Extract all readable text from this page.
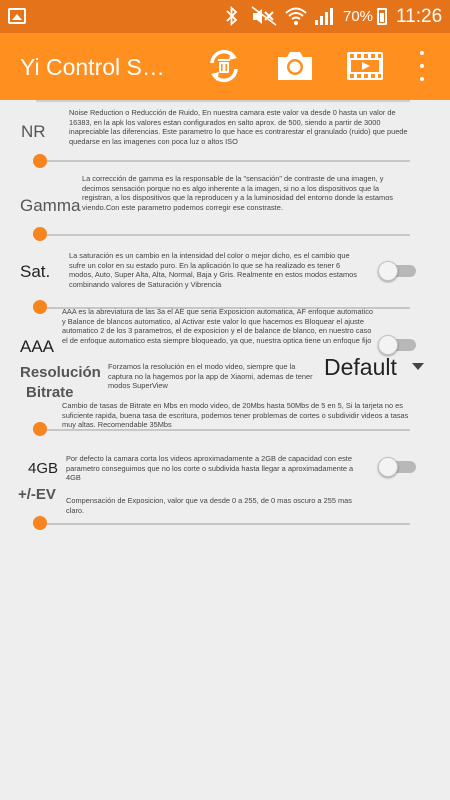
70% 11:26
Yi Control S…
NR
Noise Reduction o Reducción de Ruido, En nuestra camara este valor va desde 0 hasta un valor de 16383, en la apk los valores estan configurados en salto aprox. de 500, siendo a partir de 3000 inapreciable las diferencias. Este parametro lo que hace es contrarestar el granulado (ruido) que puede quedarse en las imagenes con poca luz o altos ISO
Gamma
La corrección de gamma es la responsable de la "sensación" de contraste de una imagen, y decimos sensación porque no es algo inherente a la imagen, si no a los dispositivos que la registran, a los dispositivos que la reproducen y a la luminosidad del entorno donde la estamos viendo.Con este parametro podemos corregir ese constraste.
Sat.
La saturación es un cambio en la intensidad del color o mejor dicho, es el cambio que sufre un color en su estado puro. En la aplicación lo que se ha realizado es tener 6 modos, Auto, Super Alta, Alta, Normal, Baja y Gris. Realmente en estos modos estamos combinando valores de Saturación y Vibrencia
AAA
AAA es la abreviatura de las 3a el AE que seria Exposicion automatica, AF enfoque automatico y Balance de blancos automatico, al Activar este valor lo que hacemos es Bloquear el ajuste automatico 2 de los 3 parametros, el de exposicion y el de balance de blanco, en nuestro caso el de enfoque automatico esta siempre bloqueado, ya que, nuestra optica tiene un enfoque fijo
Resolución Forzamos la resolución en el modo video, siempre que la captura no la hagemos por la app de Xiaomi, ademas de tener modos SuperView
Default
Bitrate
Cambio de tasas de Bitrate en Mbs en modo video, de 20Mbs hasta 50Mbs de 5 en 5, Si la tarjeta no es suficiente rapida, buena tasa de escritura, podemos tener problemas de cortes o subdividir videos a tasas muy altas. Recomendable 35Mbs
4GB
Por defecto la camara corta los videos aproximadamente a 2GB de capacidad con este parametro conseguimos que no los corte o subdivida hasta llegar a aproximadamente a 4GB
+/-EV Compensación de Exposicion, valor que va desde 0 a 255, de 0 mas oscuro a 255 mas claro.
